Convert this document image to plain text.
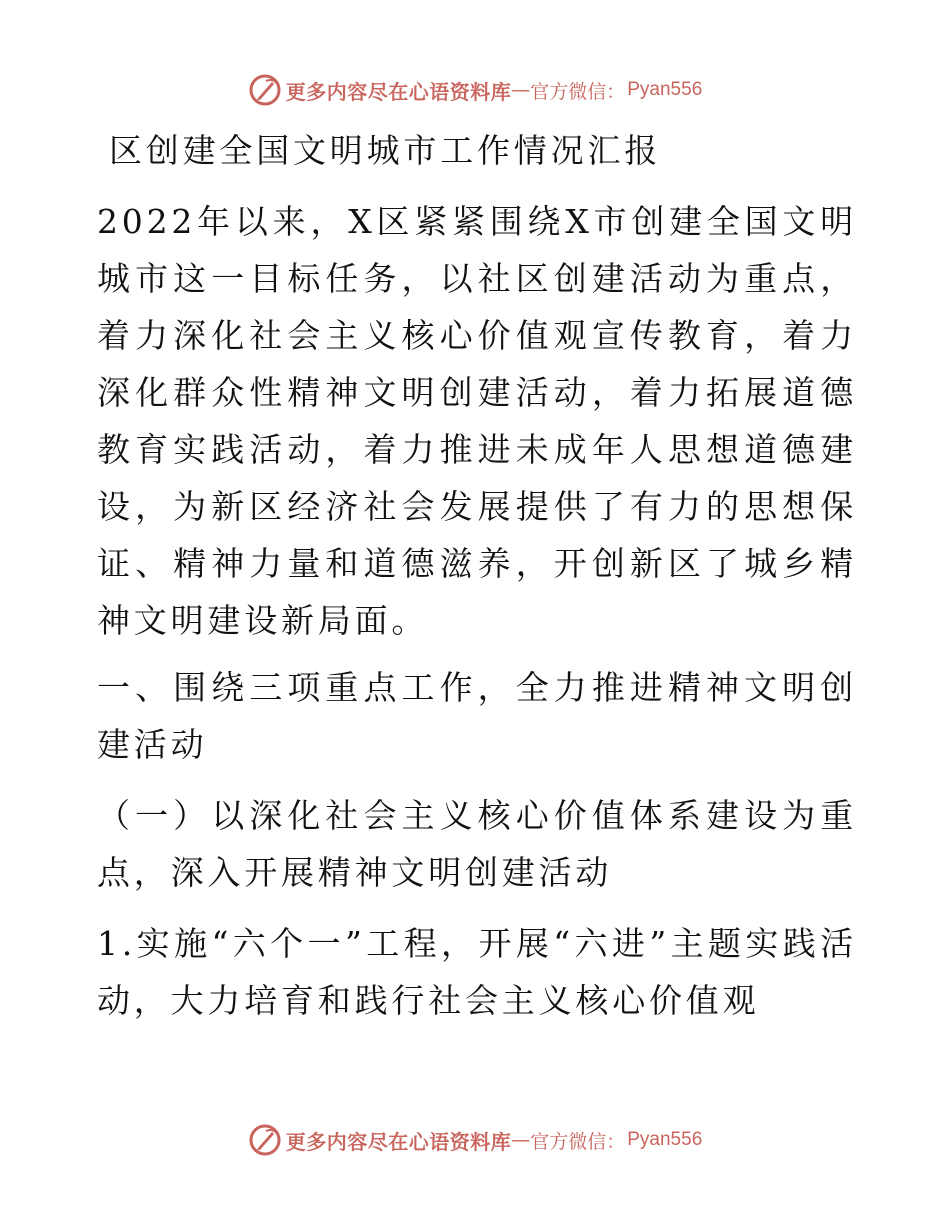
更多内容尽在心语资料库 — 官方微信： Pyan556

区创建全国文明城市工作情况汇报

2022年以来，X区紧紧围绕X市创建全国文明城市这一目标任务，以社区创建活动为重点，着力深化社会主义核心价值观宣传教育，着力深化群众性精神文明创建活动，着力拓展道德教育实践活动，着力推进未成年人思想道德建设，为新区经济社会发展提供了有力的思想保证、精神力量和道德滋养，开创新区了城乡精神文明建设新局面。

一、围绕三项重点工作，全力推进精神文明创建活动

（一）以深化社会主义核心价值体系建设为重点，深入开展精神文明创建活动

1.实施“六个一”工程，开展“六进”主题实践活动，大力培育和践行社会主义核心价值观

更多内容尽在心语资料库 — 官方微信： Pyan556
